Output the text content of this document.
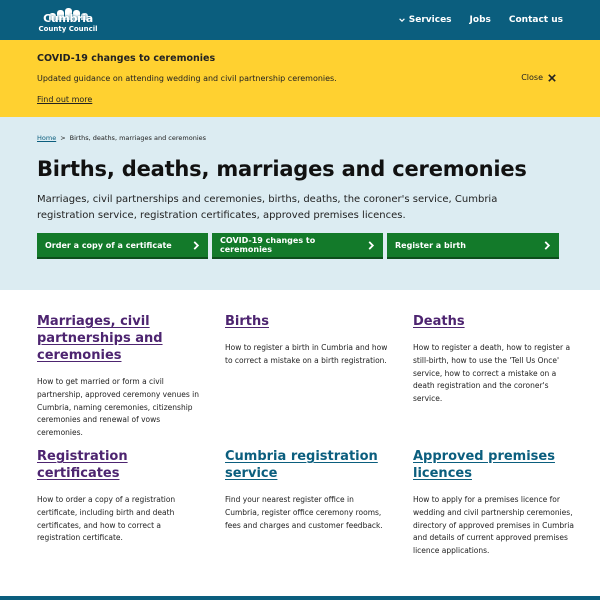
Cumbria
County Council
Services Jobs Contact us
COVID-19 changes to ceremonies
Updated guidance on attending wedding and civil partnership ceremonies.
Find out more
Close
Home > Births, deaths, marriages and ceremonies
Births, deaths, marriages and ceremonies

Marriages, civil partnerships and ceremonies, births, deaths, the coroner's service, Cumbria registration service, registration certificates, approved premises licences.

Order a copy of a certificate	COVID-19 changes to ceremonies	Register a birth
Marriages, civil partnerships and ceremonies

How to get married or form a civil partnership, approved ceremony venues in Cumbria, naming ceremonies, citizenship ceremonies and renewal of vows ceremonies.

Births

How to register a birth in Cumbria and how to correct a mistake on a birth registration.

Deaths

How to register a death, how to register a still-birth, how to use the 'Tell Us Once' service, how to correct a mistake on a death registration and the coroner's service.

Registration certificates

How to order a copy of a registration certificate, including birth and death certificates, and how to correct a registration certificate.

Cumbria registration service

Find your nearest register office in Cumbria, register office ceremony rooms, fees and charges and customer feedback.

Approved premises licences

How to apply for a premises licence for wedding and civil partnership ceremonies, directory of approved premises in Cumbria and details of current approved premises licence applications.
